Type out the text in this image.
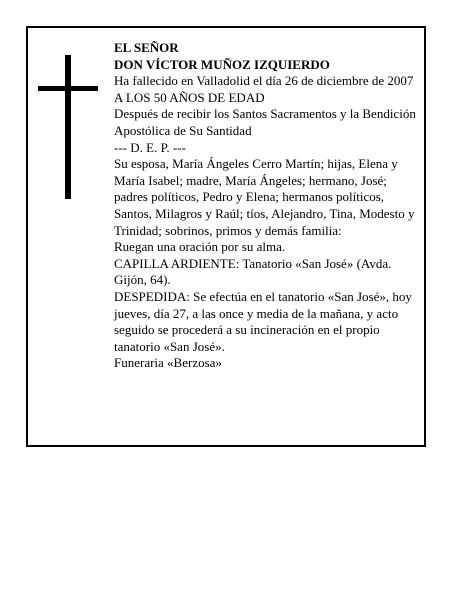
EL SEÑOR

DON VÍCTOR MUÑOZ IZQUIERDO

Ha fallecido en Valladolid el día 26 de diciembre de 2007

A LOS 50 AÑOS DE EDAD

Después de recibir los Santos Sacramentos y la Bendición Apostólica de Su Santidad

--- D. E. P. ---

Su esposa, María Ángeles Cerro Martín; hijas, Elena y María Isabel; madre, María Ángeles; hermano, José; padres políticos, Pedro y Elena; hermanos políticos, Santos, Milagros y Raúl; tíos, Alejandro, Tina, Modesto y Trinidad; sobrinos, primos y demás familia:

Ruegan una oración por su alma.

CAPILLA ARDIENTE: Tanatorio «San José» (Avda. Gijón, 64).

DESPEDIDA: Se efectúa en el tanatorio «San José», hoy jueves, día 27, a las once y media de la mañana, y acto seguido se procederá a su incineración en el propio tanatorio «San José».

Funeraria «Berzosa»
